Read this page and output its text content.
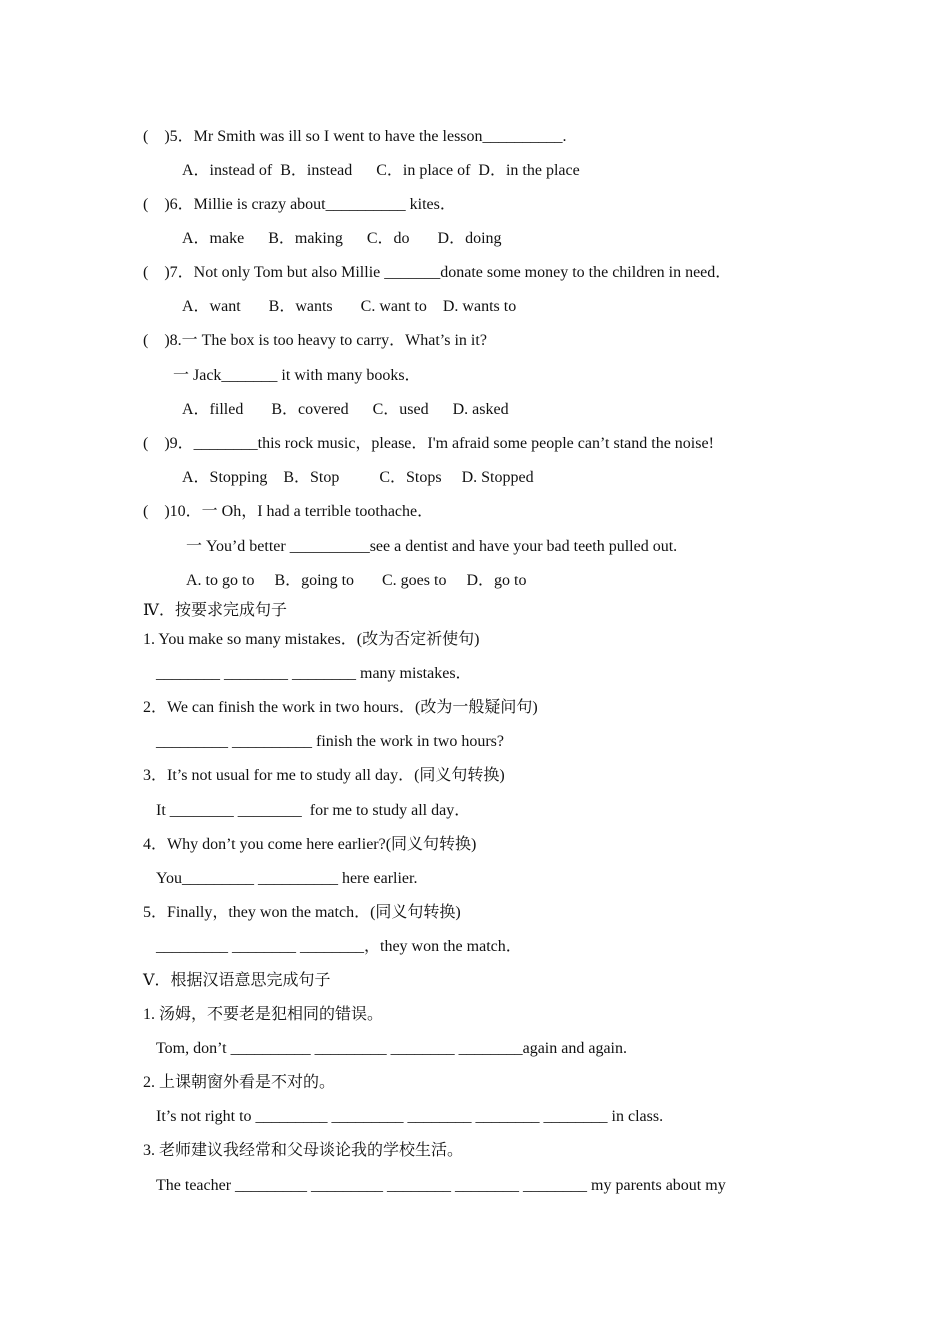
(    )5．Mr Smith was ill so I went to have the lesson__________.
A．instead of  B．instead      C．in place of  D．in the place
(    )6．Millie is crazy about__________ kites．
A．make      B．making      C．do       D．doing
(    )7．Not only Tom but also Millie _______donate some money to the children in need．
A．want       B．wants       C. want to    D. wants to
(    )8.一 The box is too heavy to carry．What’s in it?
一 Jack_______ it with many books．
A．filled       B．covered      C．used      D. asked
(    )9．________this rock music，please．I'm afraid some people can’t stand the noise!
A．Stopping    B．Stop          C．Stops     D. Stopped
(    )10．一 Oh，I had a terrible toothache．
一 You’d better __________see a dentist and have your bad teeth pulled out.
A. to go to     B．going to       C. goes to     D．go to
Ⅳ．按要求完成句子
1. You make so many mistakes．(改为否定祈使句)
________ ________ ________ many mistakes．
2．We can finish the work in two hours．(改为一般疑问句)
_________ __________ finish the work in two hours?
3．It’s not usual for me to study all day．(同义句转换)
It ________ ________  for me to study all day．
4．Why don’t you come here earlier?(同义句转换)
You_________ __________ here earlier.
5．Finally，they won the match．(同义句转换)
_________ ________ ________，they won the match．
Ⅴ．根据汉语意思完成句子
1. 汤姆，不要老是犯相同的错误。
Tom, don’t __________ _________ ________ ________again and again.
2. 上课朝窗外看是不对的。
It’s not right to _________ _________ ________ ________ ________ in class.
3. 老师建议我经常和父母谈论我的学校生活。
The teacher _________ _________ ________ ________ ________ my parents about my
